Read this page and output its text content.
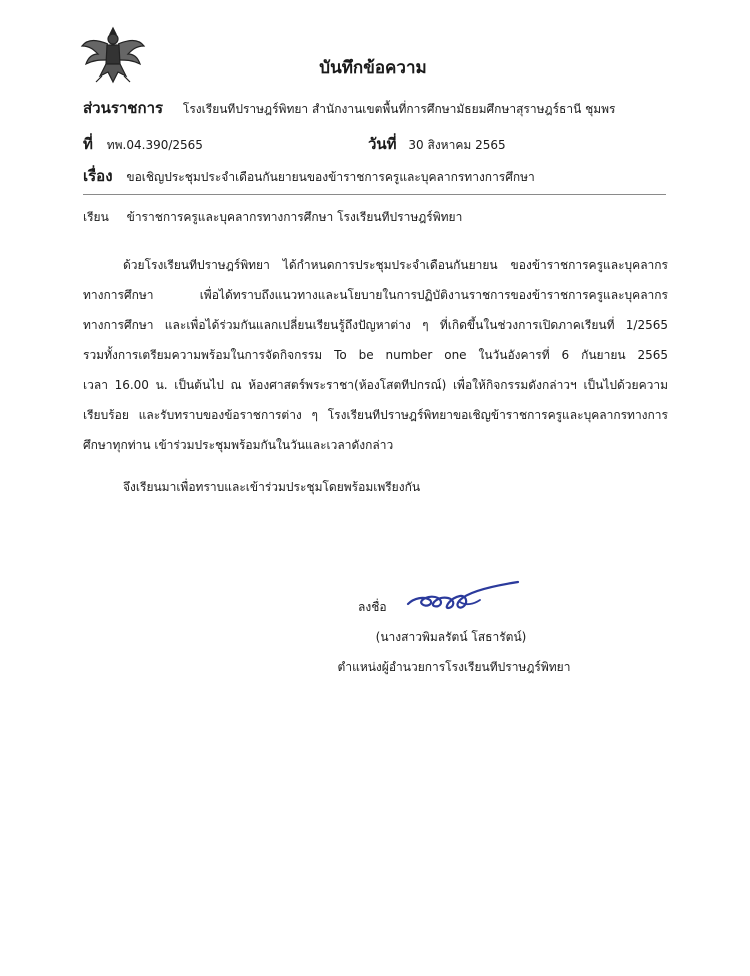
บันทึกข้อความ
ส่วนราชการ โรงเรียนทีปราษฎร์พิทยา สำนักงานเขตพื้นที่การศึกษามัธยมศึกษาสุราษฎร์ธานี ชุมพร
ที่ ทพ.04.390/2565	วันที่ 30 สิงหาคม 2565
เรื่อง ขอเชิญประชุมประจำเดือนกันยายนของข้าราชการครูและบุคลากรทางการศึกษา
เรียน ข้าราชการครูและบุคลากรทางการศึกษา โรงเรียนทีปราษฎร์พิทยา

ด้วยโรงเรียนทีปราษฎร์พิทยา ได้กำหนดการประชุมประจำเดือนกันยายน ของข้าราชการครูและบุคลากร
ทางการศึกษา เพื่อได้ทราบถึงแนวทางและนโยบายในการปฏิบัติงานราชการของข้าราชการครูและบุคลากร
ทางการศึกษา และเพื่อได้ร่วมกันแลกเปลี่ยนเรียนรู้ถึงปัญหาต่าง ๆ ที่เกิดขึ้นในช่วงการเปิดภาคเรียนที่ 1/2565
รวมทั้งการเตรียมความพร้อมในการจัดกิจกรรม To be number one ในวันอังคารที่ 6 กันยายน 2565
เวลา 16.00 น. เป็นต้นไป ณ ห้องศาสตร์พระราชา(ห้องโสตทีปกรณ์) เพื่อให้กิจกรรมดังกล่าวฯ เป็นไปด้วยความ
เรียบร้อย และรับทราบของข้อราชการต่าง ๆ โรงเรียนทีปราษฎร์พิทยาขอเชิญข้าราชการครูและบุคลากรทางการ
ศึกษาทุกท่าน เข้าร่วมประชุมพร้อมกันในวันและเวลาดังกล่าว

จึงเรียนมาเพื่อทราบและเข้าร่วมประชุมโดยพร้อมเพรียงกัน
ลงชื่อ
(นางสาวพิมลรัตน์ โสธารัตน์)
ตำแหน่งผู้อำนวยการโรงเรียนทีปราษฎร์พิทยา
